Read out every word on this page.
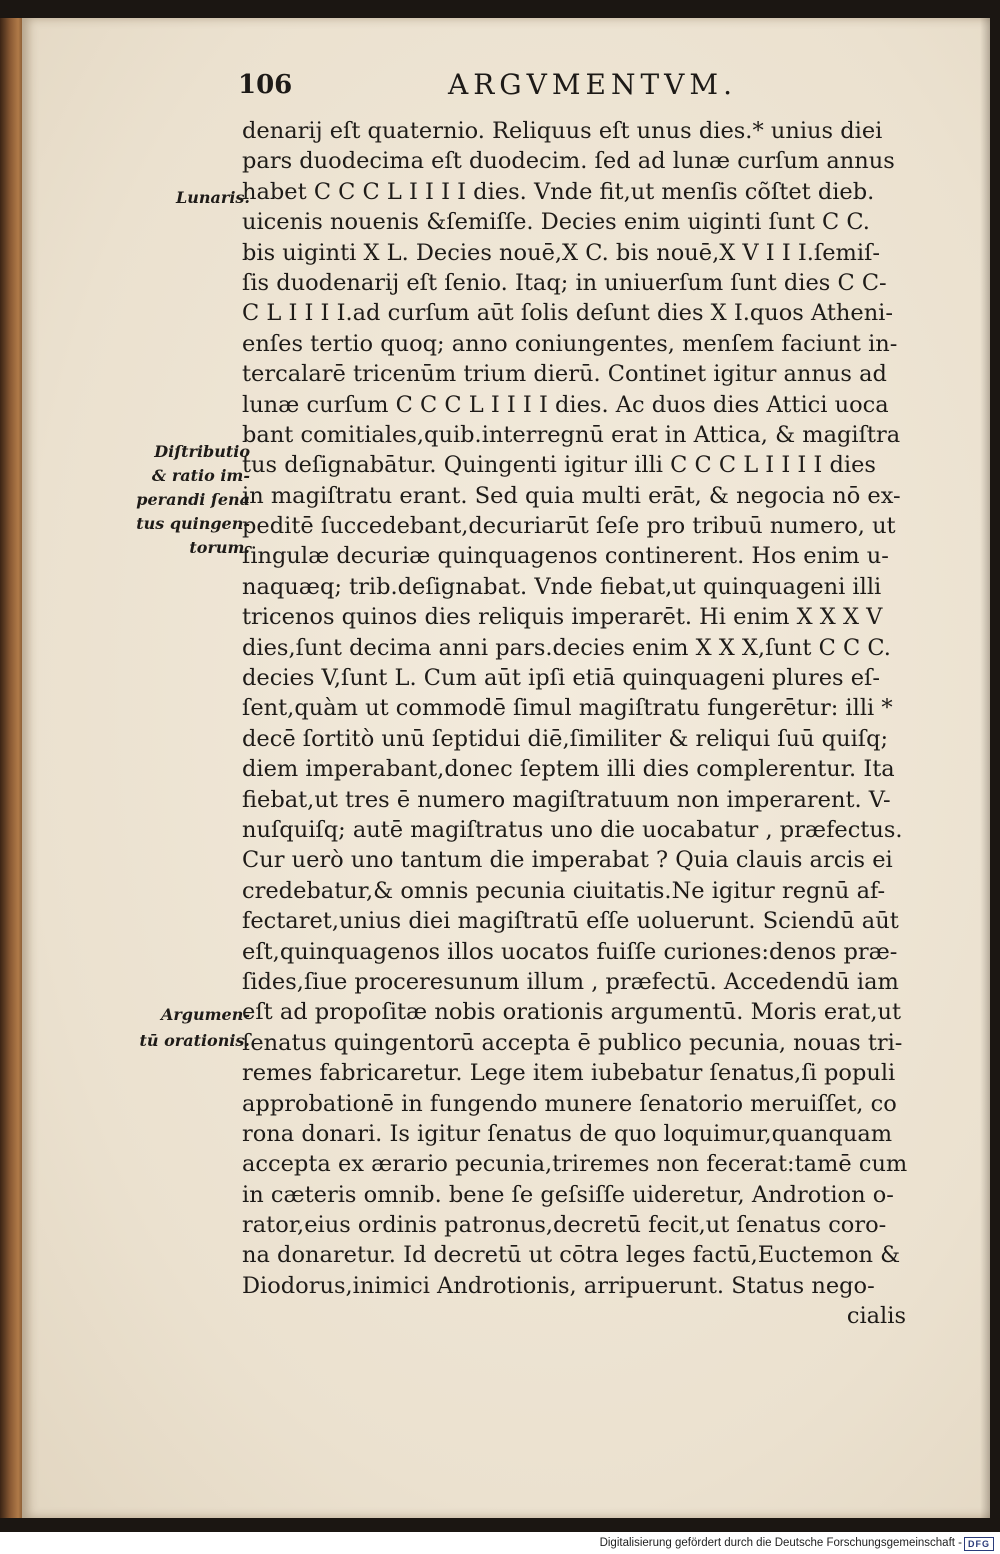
106	ARGVMENTVM.
Lunaris.
Diſtributio
& ratio im-
perandi ſena
tus quingen-
torum.
Argumen-
tū orationis.
denarij eſt quaternio. Reliquus eſt unus dies.* unius diei
pars duodecima eſt duodecim. ſed ad lunæ curſum annus
habet C C C L I I I I dies. Vnde fit,ut menſis cõſtet dieb.
uicenis nouenis &ſemiſſe. Decies enim uiginti ſunt C C.
bis uiginti X L. Decies nouē,X C. bis nouē,X V I I I.ſemiſ-
ſis duodenarij eſt ſenio. Itaq; in uniuerſum ſunt dies C C-
C L I I I I.ad curſum aūt ſolis deſunt dies X I.quos Atheni-
enſes tertio quoq; anno coniungentes, menſem faciunt in-
tercalarē tricenūm trium dierū. Continet igitur annus ad
lunæ curſum C C C L I I I I dies. Ac duos dies Attici uoca
bant comitiales,quib.interregnū erat in Attica, & magiſtra
tus deſignabātur. Quingenti igitur illi C C C L I I I I dies
in magiſtratu erant. Sed quia multi erāt, & negocia nō ex-
peditē ſuccedebant,decuriarūt ſeſe pro tribuū numero, ut
ſingulæ decuriæ quinquagenos continerent. Hos enim u-
naquæq; trib.deſignabat. Vnde fiebat,ut quinquageni illi
tricenos quinos dies reliquis imperarēt. Hi enim X X X V
dies,ſunt decima anni pars.decies enim X X X,ſunt C C C.
decies V,ſunt L. Cum aūt ipſi etiā quinquageni plures eſ-
ſent,quàm ut commodē ſimul magiſtratu fungerētur: illi *
decē ſortitò unū ſeptidui diē,ſimiliter & reliqui ſuū quiſq;
diem imperabant,donec ſeptem illi dies complerentur. Ita
fiebat,ut tres ē numero magiſtratuum non imperarent. V-
nuſquiſq; autē magiſtratus uno die uocabatur , præfectus.
Cur uerò uno tantum die imperabat ? Quia clauis arcis ei
credebatur,& omnis pecunia ciuitatis.Ne igitur regnū af-
fectaret,unius diei magiſtratū eſſe uoluerunt. Sciendū aūt
eſt,quinquagenos illos uocatos fuiſſe curiones:denos præ-
ſides,ſiue proceresunum illum , præfectū. Accedendū iam
eſt ad propoſitæ nobis orationis argumentū. Moris erat,ut
ſenatus quingentorū accepta ē publico pecunia, nouas tri-
remes fabricaretur. Lege item iubebatur ſenatus,ſi populi
approbationē in fungendo munere ſenatorio meruiſſet, co
rona donari. Is igitur ſenatus de quo loquimur,quanquam
accepta ex ærario pecunia,triremes non fecerat:tamē cum
in cæteris omnib. bene ſe geſsiſſe uideretur, Androtion o-
rator,eius ordinis patronus,decretū fecit,ut ſenatus coro-
na donaretur. Id decretū ut cōtra leges factū,Euctemon &
Diodorus,inimici Androtionis, arripuerunt. Status nego-
cialis
Digitalisierung gefördert durch die Deutsche Forschungsgemeinschaft - DFG
